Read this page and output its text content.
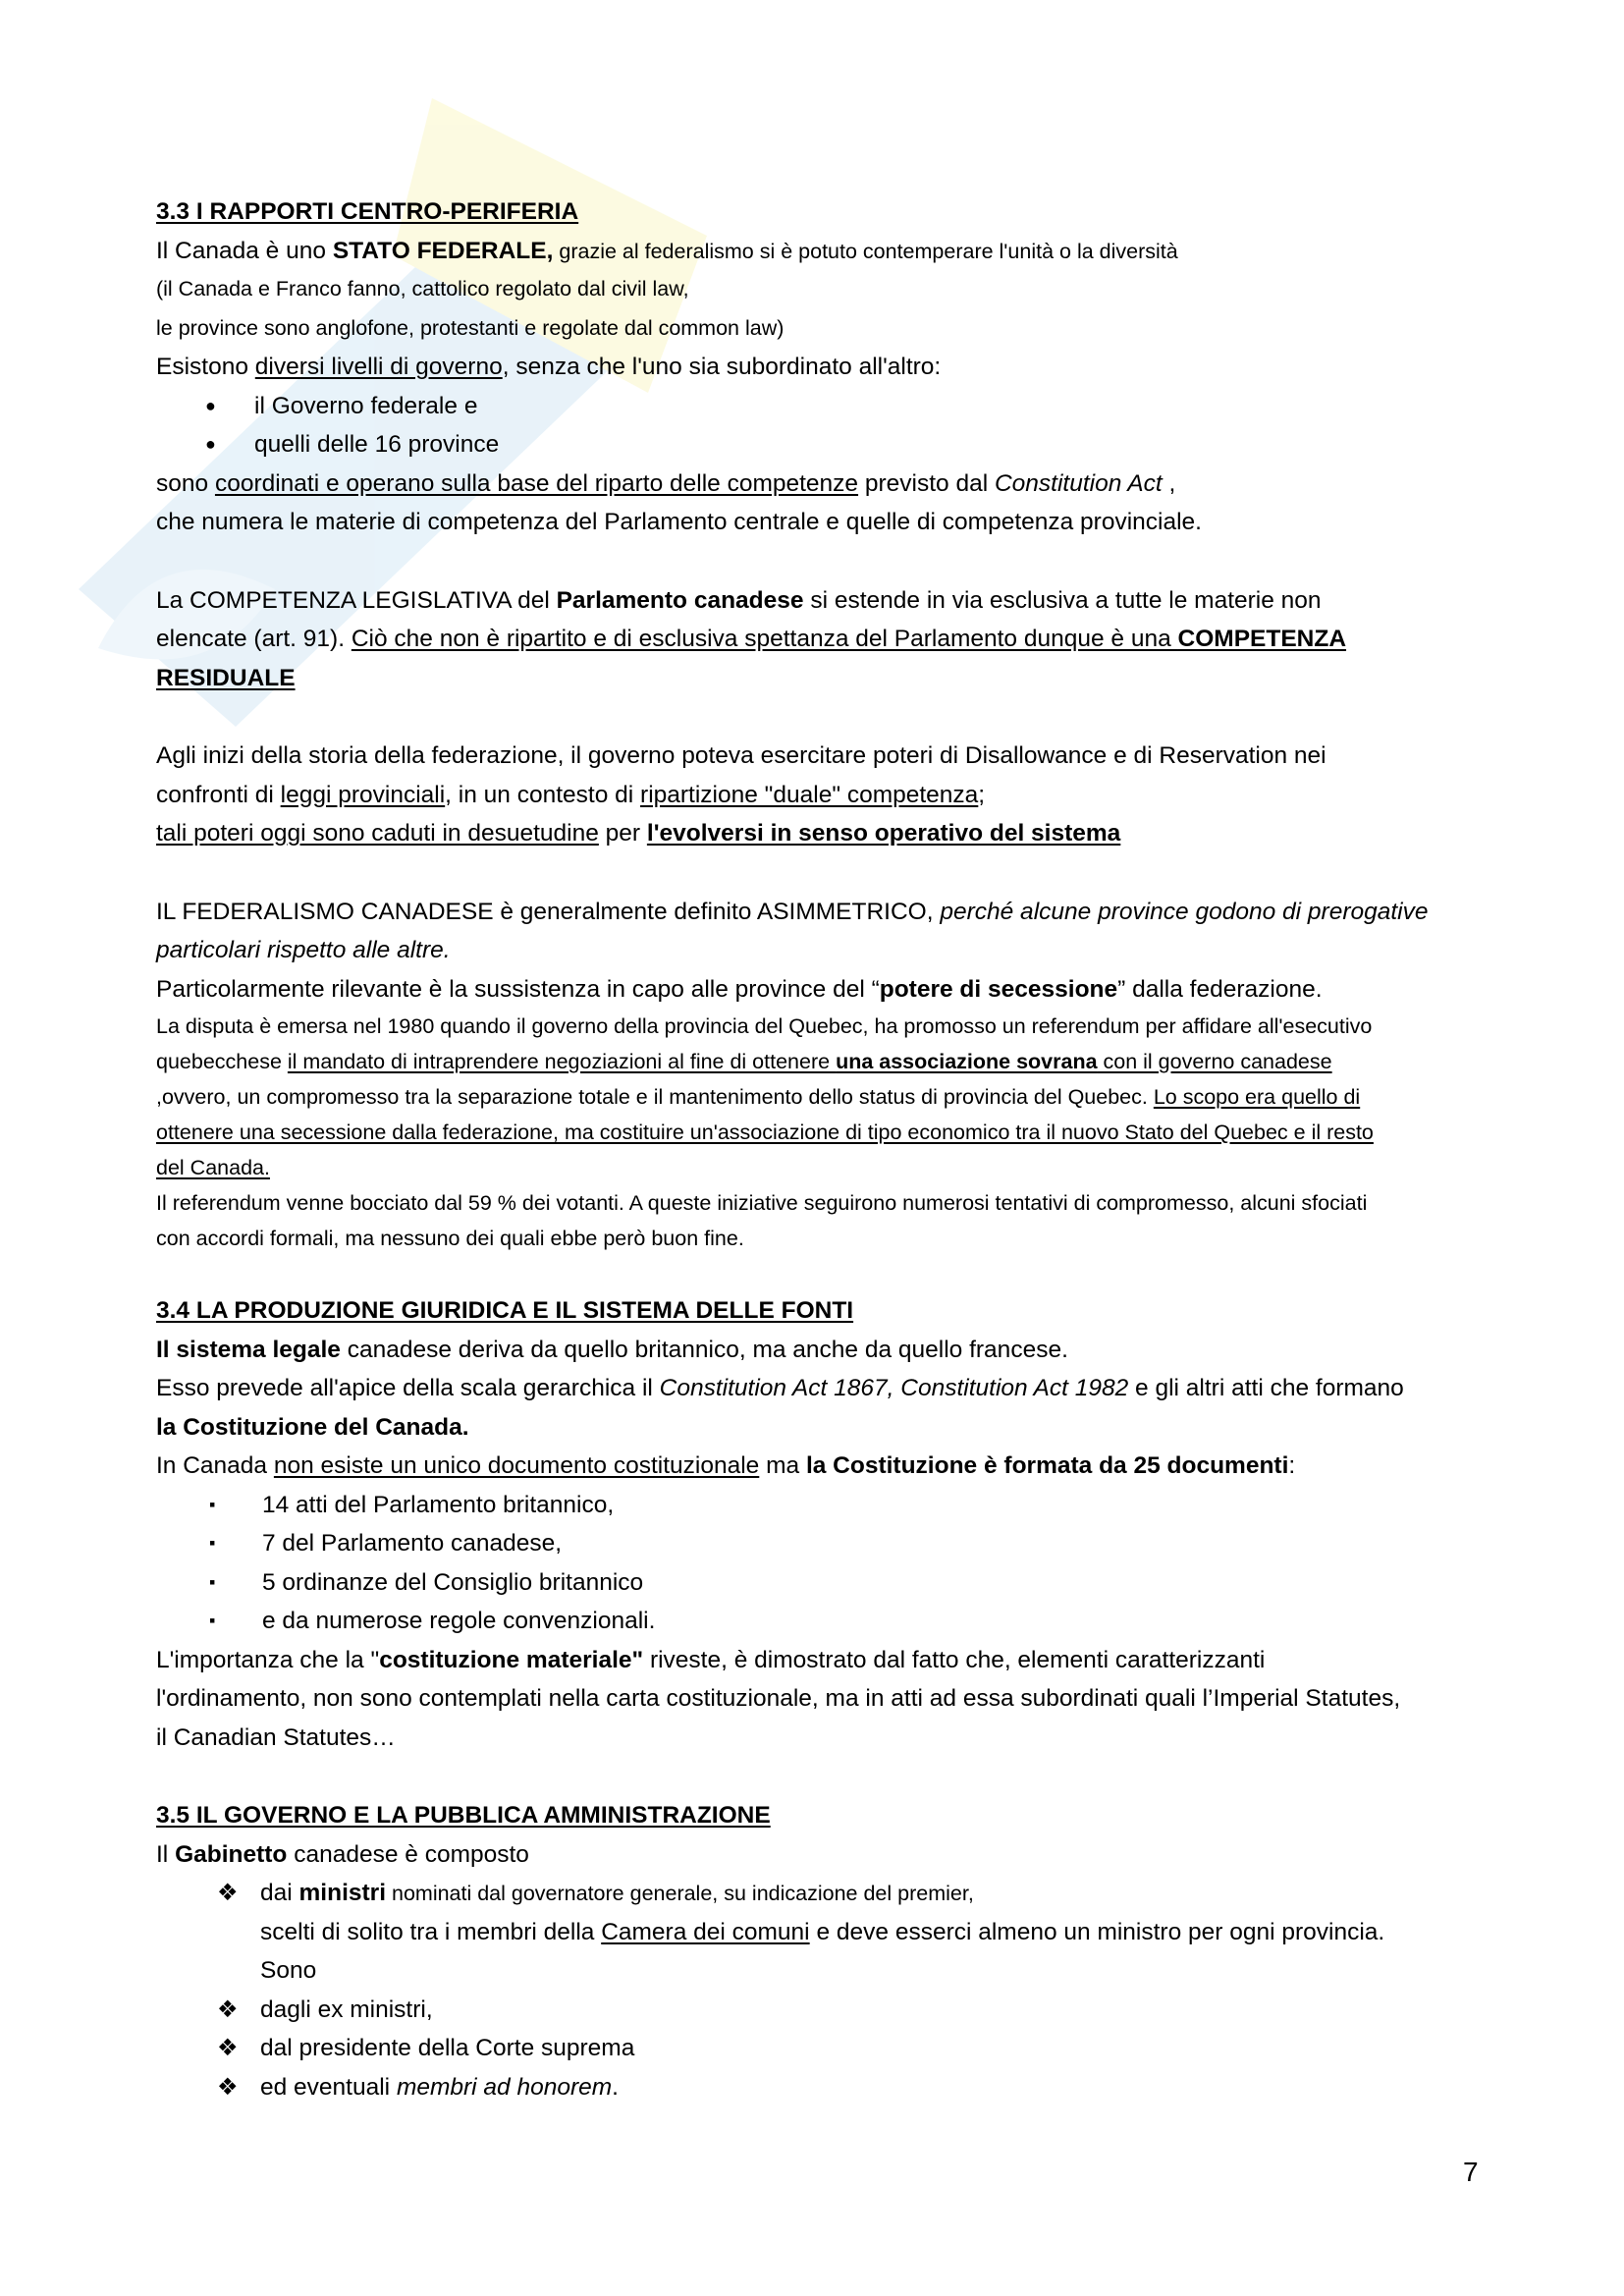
3.3 I RAPPORTI CENTRO-PERIFERIA
Il Canada è uno STATO FEDERALE, grazie al federalismo si è potuto contemperare l'unità o la diversità
(il Canada e Franco fanno, cattolico regolato dal civil law,
le province sono anglofone, protestanti e regolate dal common law)
Esistono diversi livelli di governo, senza che l'uno sia subordinato all'altro:
● il Governo federale e
● quelli delle 16 province
sono coordinati e operano sulla base del riparto delle competenze previsto dal Constitution Act ,
che numera le materie di competenza del Parlamento centrale e quelle di competenza provinciale.
La COMPETENZA LEGISLATIVA del Parlamento canadese si estende in via esclusiva a tutte le materie non
elencate (art. 91). Ciò che non è ripartito e di esclusiva spettanza del Parlamento dunque è una COMPETENZA
RESIDUALE
Agli inizi della storia della federazione, il governo poteva esercitare poteri di Disallowance e di Reservation nei
confronti di leggi provinciali, in un contesto di ripartizione "duale" competenza;
tali poteri oggi sono caduti in desuetudine per l'evolversi in senso operativo del sistema
IL FEDERALISMO CANADESE è generalmente definito ASIMMETRICO, perché alcune province godono di prerogative
particolari rispetto alle altre.
Particolarmente rilevante è la sussistenza in capo alle province del “potere di secessione” dalla federazione.
La disputa è emersa nel 1980 quando il governo della provincia del Quebec, ha promosso un referendum per affidare all'esecutivo
quebecchese il mandato di intraprendere negoziazioni al fine di ottenere una associazione sovrana con il governo canadese
,ovvero, un compromesso tra la separazione totale e il mantenimento dello status di provincia del Quebec. Lo scopo era quello di
ottenere una secessione dalla federazione, ma costituire un'associazione di tipo economico tra il nuovo Stato del Quebec e il resto
del Canada.
Il referendum venne bocciato dal 59 % dei votanti. A queste iniziative seguirono numerosi tentativi di compromesso, alcuni sfociati
con accordi formali, ma nessuno dei quali ebbe però buon fine.
3.4 LA PRODUZIONE GIURIDICA E IL SISTEMA DELLE FONTI
Il sistema legale canadese deriva da quello britannico, ma anche da quello francese.
Esso prevede all'apice della scala gerarchica il Constitution Act 1867, Constitution Act 1982 e gli altri atti che formano
la Costituzione del Canada.
In Canada non esiste un unico documento costituzionale ma la Costituzione è formata da 25 documenti:
▪ 14 atti del Parlamento britannico,
▪ 7 del Parlamento canadese,
▪ 5 ordinanze del Consiglio britannico
▪ e da numerose regole convenzionali.
L'importanza che la "costituzione materiale" riveste, è dimostrato dal fatto che, elementi caratterizzanti
l'ordinamento, non sono contemplati nella carta costituzionale, ma in atti ad essa subordinati quali l’Imperial Statutes,
il Canadian Statutes…
3.5 IL GOVERNO E LA PUBBLICA AMMINISTRAZIONE
Il Gabinetto canadese è composto
❖ dai ministri nominati dal governatore generale, su indicazione del premier,
scelti di solito tra i membri della Camera dei comuni e deve esserci almeno un ministro per ogni provincia.
Sono
❖ dagli ex ministri,
❖ dal presidente della Corte suprema
❖ ed eventuali membri ad honorem.
7
